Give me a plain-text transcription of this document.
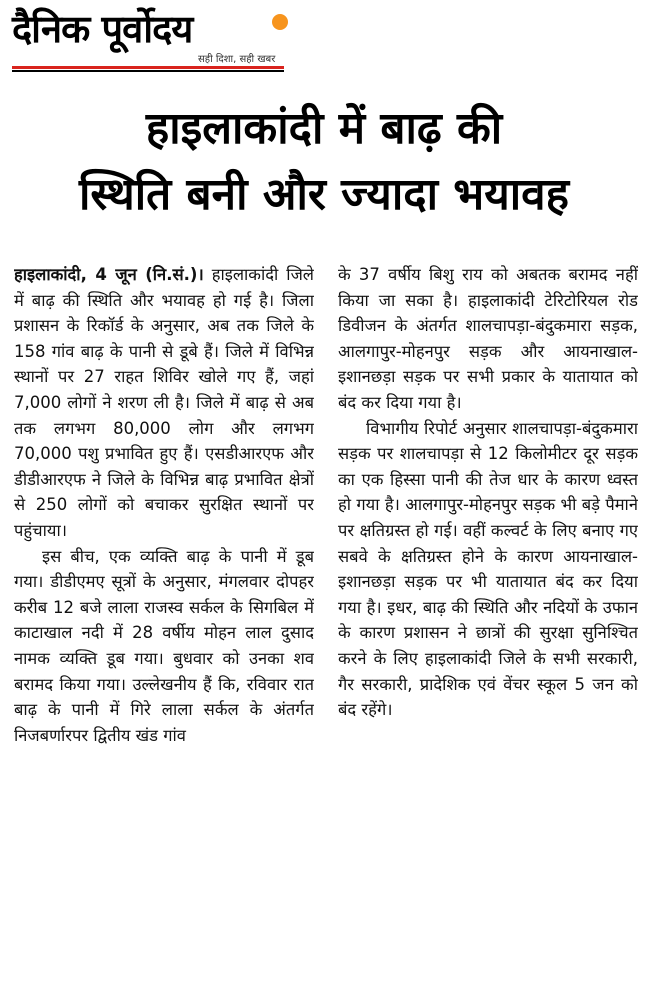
दैनिक पूर्वोदय
सही दिशा, सही खबर
हाइलाकांदी में बाढ़ की
स्थिति बनी और ज्यादा भयावह

हाइलाकांदी, 4 जून (नि.सं.)। हाइलाकांदी जिले में बाढ़ की स्थिति और भयावह हो गई है। जिला प्रशासन के रिकॉर्ड के अनुसार, अब तक जिले के 158 गांव बाढ़ के पानी से डूबे हैं। जिले में विभिन्न स्थानों पर 27 राहत शिविर खोले गए हैं, जहां 7,000 लोगों ने शरण ली है। जिले में बाढ़ से अब तक लगभग 80,000 लोग और लगभग 70,000 पशु प्रभावित हुए हैं। एसडीआरएफ और डीडीआरएफ ने जिले के विभिन्न बाढ़ प्रभावित क्षेत्रों से 250 लोगों को बचाकर सुरक्षित स्थानों पर पहुंचाया।

इस बीच, एक व्यक्ति बाढ़ के पानी में डूब गया। डीडीएमए सूत्रों के अनुसार, मंगलवार दोपहर करीब 12 बजे लाला राजस्व सर्कल के सिगबिल में काटाखाल नदी में 28 वर्षीय मोहन लाल दुसाद नामक व्यक्ति डूब गया। बुधवार को उनका शव बरामद किया गया। उल्लेखनीय हैं कि, रविवार रात बाढ़ के पानी में गिरे लाला सर्कल के अंतर्गत निजबर्णारपर द्वितीय खंड गांव

के 37 वर्षीय बिशु राय को अबतक बरामद नहीं किया जा सका है। हाइलाकांदी टेरिटोरियल रोड डिवीजन के अंतर्गत शालचापड़ा-बंदुकमारा सड़क, आलगापुर-मोहनपुर सड़क और आयनाखाल-इशानछड़ा सड़क पर सभी प्रकार के यातायात को बंद कर दिया गया है।

विभागीय रिपोर्ट अनुसार शालचापड़ा-बंदुकमारा सड़क पर शालचापड़ा से 12 किलोमीटर दूर सड़क का एक हिस्सा पानी की तेज धार के कारण ध्वस्त हो गया है। आलगापुर-मोहनपुर सड़क भी बड़े पैमाने पर क्षतिग्रस्त हो गई। वहीं कल्वर्ट के लिए बनाए गए सबवे के क्षतिग्रस्त होने के कारण आयनाखाल-इशानछड़ा सड़क पर भी यातायात बंद कर दिया गया है। इधर, बाढ़ की स्थिति और नदियों के उफान के कारण प्रशासन ने छात्रों की सुरक्षा सुनिश्चित करने के लिए हाइलाकांदी जिले के सभी सरकारी, गैर सरकारी, प्रादेशिक एवं वेंचर स्कूल 5 जन को बंद रहेंगे।
